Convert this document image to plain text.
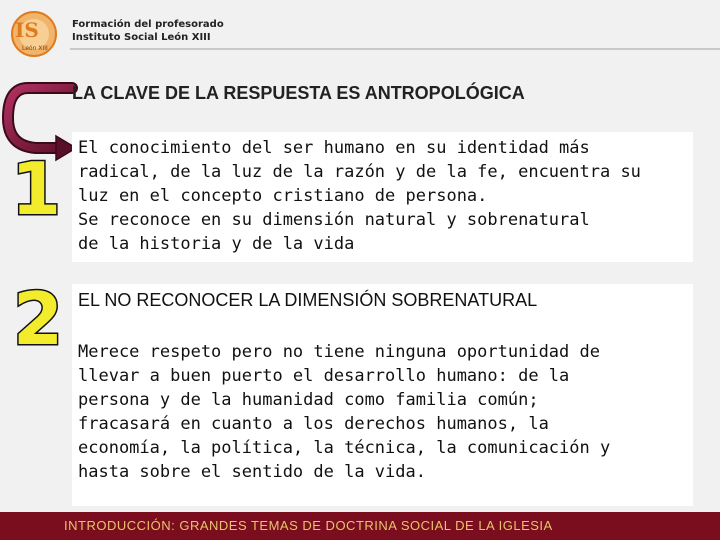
IS
León XIII
Formación del profesorado
Instituto Social León XIII
LA CLAVE DE LA RESPUESTA ES ANTROPOLÓGICA
1 El conocimiento del ser humano en su identidad más
radical, de la luz de la razón y de la fe, encuentra su
luz en el concepto cristiano de persona.
Se reconoce en su dimensión natural y sobrenatural
de la historia y de la vida
2 EL NO RECONOCER LA DIMENSIÓN SOBRENATURAL
Merece respeto pero no tiene ninguna oportunidad de
llevar a buen puerto el desarrollo humano: de la
persona y de la humanidad como familia común;
fracasará en cuanto a los derechos humanos, la
economía, la política, la técnica, la comunicación y
hasta sobre el sentido de la vida.
INTRODUCCIÓN: GRANDES TEMAS DE DOCTRINA SOCIAL DE LA IGLESIA
